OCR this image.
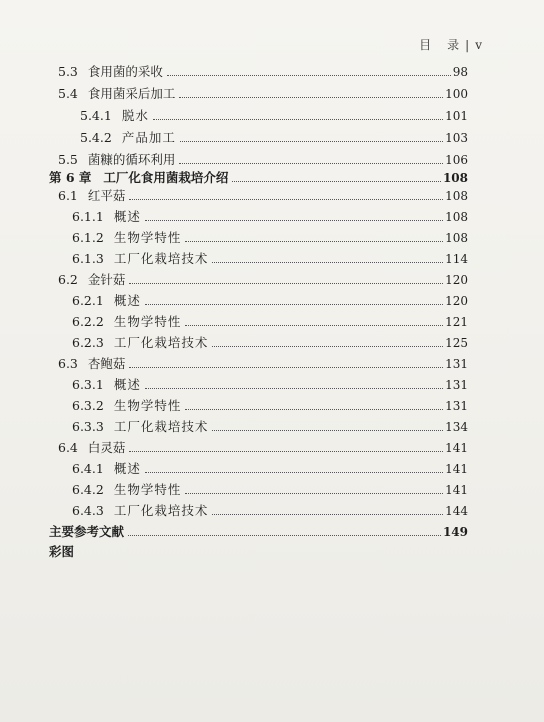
目　录 | v
5.3 食用菌的采收	98
5.4 食用菌采后加工	100
5.4.1 脱水	101
5.4.2 产品加工	103
5.5 菌糠的循环利用	106
第 6 章 工厂化食用菌栽培介绍	108
6.1 红平菇	108
6.1.1 概述	108
6.1.2 生物学特性	108
6.1.3 工厂化栽培技术	114
6.2 金针菇	120
6.2.1 概述	120
6.2.2 生物学特性	121
6.2.3 工厂化栽培技术	125
6.3 杏鲍菇	131
6.3.1 概述	131
6.3.2 生物学特性	131
6.3.3 工厂化栽培技术	134
6.4 白灵菇	141
6.4.1 概述	141
6.4.2 生物学特性	141
6.4.3 工厂化栽培技术	144
主要参考文献	149
彩图
